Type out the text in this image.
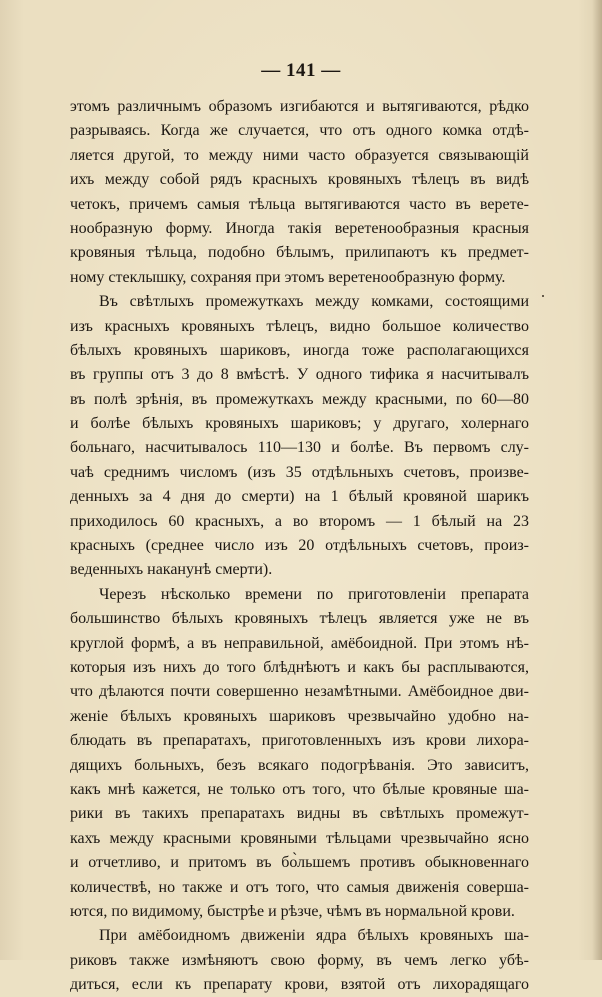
— 141 —
этомъ различнымъ образомъ изгибаются и вытягиваются, рѣдко
разрываясь. Когда же случается, что отъ одного комка отдѣ-
ляется другой, то между ними часто образуется связывающій
ихъ между собой рядъ красныхъ кровяныхъ тѣлецъ въ видѣ
четокъ, причемъ самыя тѣльца вытягиваются часто въ верете-
нообразную форму. Иногда такія веретенообразныя красныя
кровяныя тѣльца, подобно бѣлымъ, прилипаютъ къ предмет-
ному стеклышку, сохраняя при этомъ веретенообразную форму.
Въ свѣтлыхъ промежуткахъ между комками, состоящими
изъ красныхъ кровяныхъ тѣлецъ, видно большое количество
бѣлыхъ кровяныхъ шариковъ, иногда тоже располагающихся
въ группы отъ 3 до 8 вмѣстѣ. У одного тифика я насчитывалъ
въ полѣ зрѣнія, въ промежуткахъ между красными, по 60—80
и болѣе бѣлыхъ кровяныхъ шариковъ; у другаго, холернаго
больнаго, насчитывалось 110—130 и болѣе. Въ первомъ слу-
чаѣ среднимъ числомъ (изъ 35 отдѣльныхъ счетовъ, произве-
денныхъ за 4 дня до смерти) на 1 бѣлый кровяной шарикъ
приходилось 60 красныхъ, а во второмъ — 1 бѣлый на 23
красныхъ (среднее число изъ 20 отдѣльныхъ счетовъ, произ-
веденныхъ наканунѣ смерти).
Черезъ нѣсколько времени по приготовленіи препарата
большинство бѣлыхъ кровяныхъ тѣлецъ является уже не въ
круглой формѣ, а въ неправильной, амёбоидной. При этомъ нѣ-
которыя изъ нихъ до того блѣднѣютъ и какъ бы расплываются,
что дѣлаются почти совершенно незамѣтными. Амёбоидное дви-
женіе бѣлыхъ кровяныхъ шариковъ чрезвычайно удобно на-
блюдать въ препаратахъ, приготовленныхъ изъ крови лихора-
дящихъ больныхъ, безъ всякаго подогрѣванія. Это зависитъ,
какъ мнѣ кажется, не только отъ того, что бѣлые кровяные ша-
рики въ такихъ препаратахъ видны въ свѣтлыхъ промежут-
кахъ между красными кровяными тѣльцами чрезвычайно ясно
и отчетливо, и притомъ въ бо̀льшемъ противъ обыкновеннаго
количествѣ, но также и отъ того, что самыя движенія соверша-
ются, по видимому, быстрѣе и рѣзче, чѣмъ въ нормальной крови.
При амёбоидномъ движеніи ядра бѣлыхъ кровяныхъ ша-
риковъ также измѣняютъ свою форму, въ чемъ легко убѣ-
диться, если къ препарату крови, взятой отъ лихорадящаго
